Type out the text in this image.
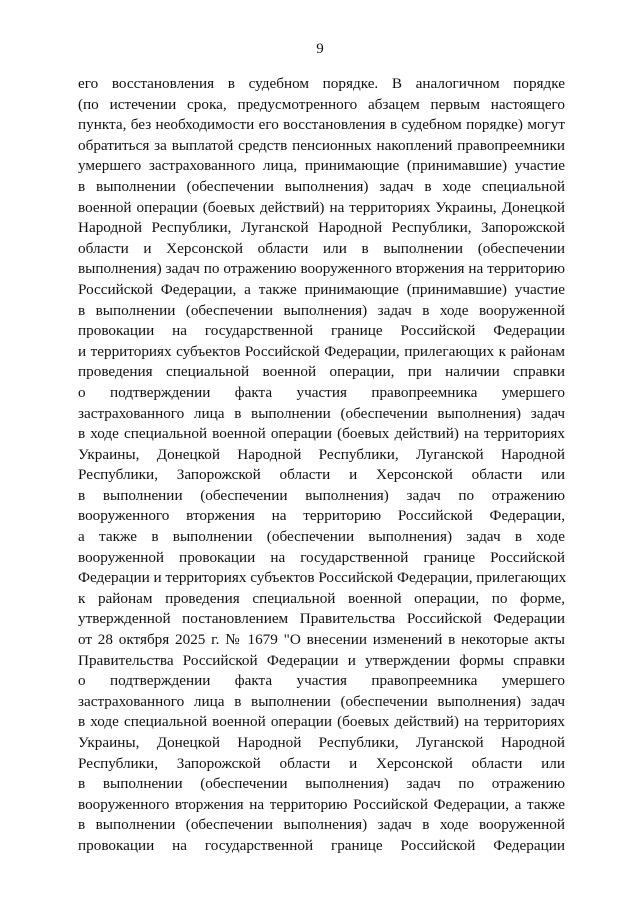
9
его восстановления в судебном порядке. В аналогичном порядке
(по истечении срока, предусмотренного абзацем первым настоящего
пункта, без необходимости его восстановления в судебном порядке) могут
обратиться за выплатой средств пенсионных накоплений правопреемники
умершего застрахованного лица, принимающие (принимавшие) участие
в выполнении (обеспечении выполнения) задач в ходе специальной
военной операции (боевых действий) на территориях Украины, Донецкой
Народной Республики, Луганской Народной Республики, Запорожской
области и Херсонской области или в выполнении (обеспечении
выполнения) задач по отражению вооруженного вторжения на территорию
Российской Федерации, а также принимающие (принимавшие) участие
в выполнении (обеспечении выполнения) задач в ходе вооруженной
провокации на государственной границе Российской Федерации
и территориях субъектов Российской Федерации, прилегающих к районам
проведения специальной военной операции, при наличии справки
о подтверждении факта участия правопреемника умершего
застрахованного лица в выполнении (обеспечении выполнения) задач
в ходе специальной военной операции (боевых действий) на территориях
Украины, Донецкой Народной Республики, Луганской Народной
Республики, Запорожской области и Херсонской области или
в выполнении (обеспечении выполнения) задач по отражению
вооруженного вторжения на территорию Российской Федерации,
а также в выполнении (обеспечении выполнения) задач в ходе
вооруженной провокации на государственной границе Российской
Федерации и территориях субъектов Российской Федерации, прилегающих
к районам проведения специальной военной операции, по форме,
утвержденной постановлением Правительства Российской Федерации
от 28 октября 2025 г. № 1679 "О внесении изменений в некоторые акты
Правительства Российской Федерации и утверждении формы справки
о подтверждении факта участия правопреемника умершего
застрахованного лица в выполнении (обеспечении выполнения) задач
в ходе специальной военной операции (боевых действий) на территориях
Украины, Донецкой Народной Республики, Луганской Народной
Республики, Запорожской области и Херсонской области или
в выполнении (обеспечении выполнения) задач по отражению
вооруженного вторжения на территорию Российской Федерации, а также
в выполнении (обеспечении выполнения) задач в ходе вооруженной
провокации на государственной границе Российской Федерации
